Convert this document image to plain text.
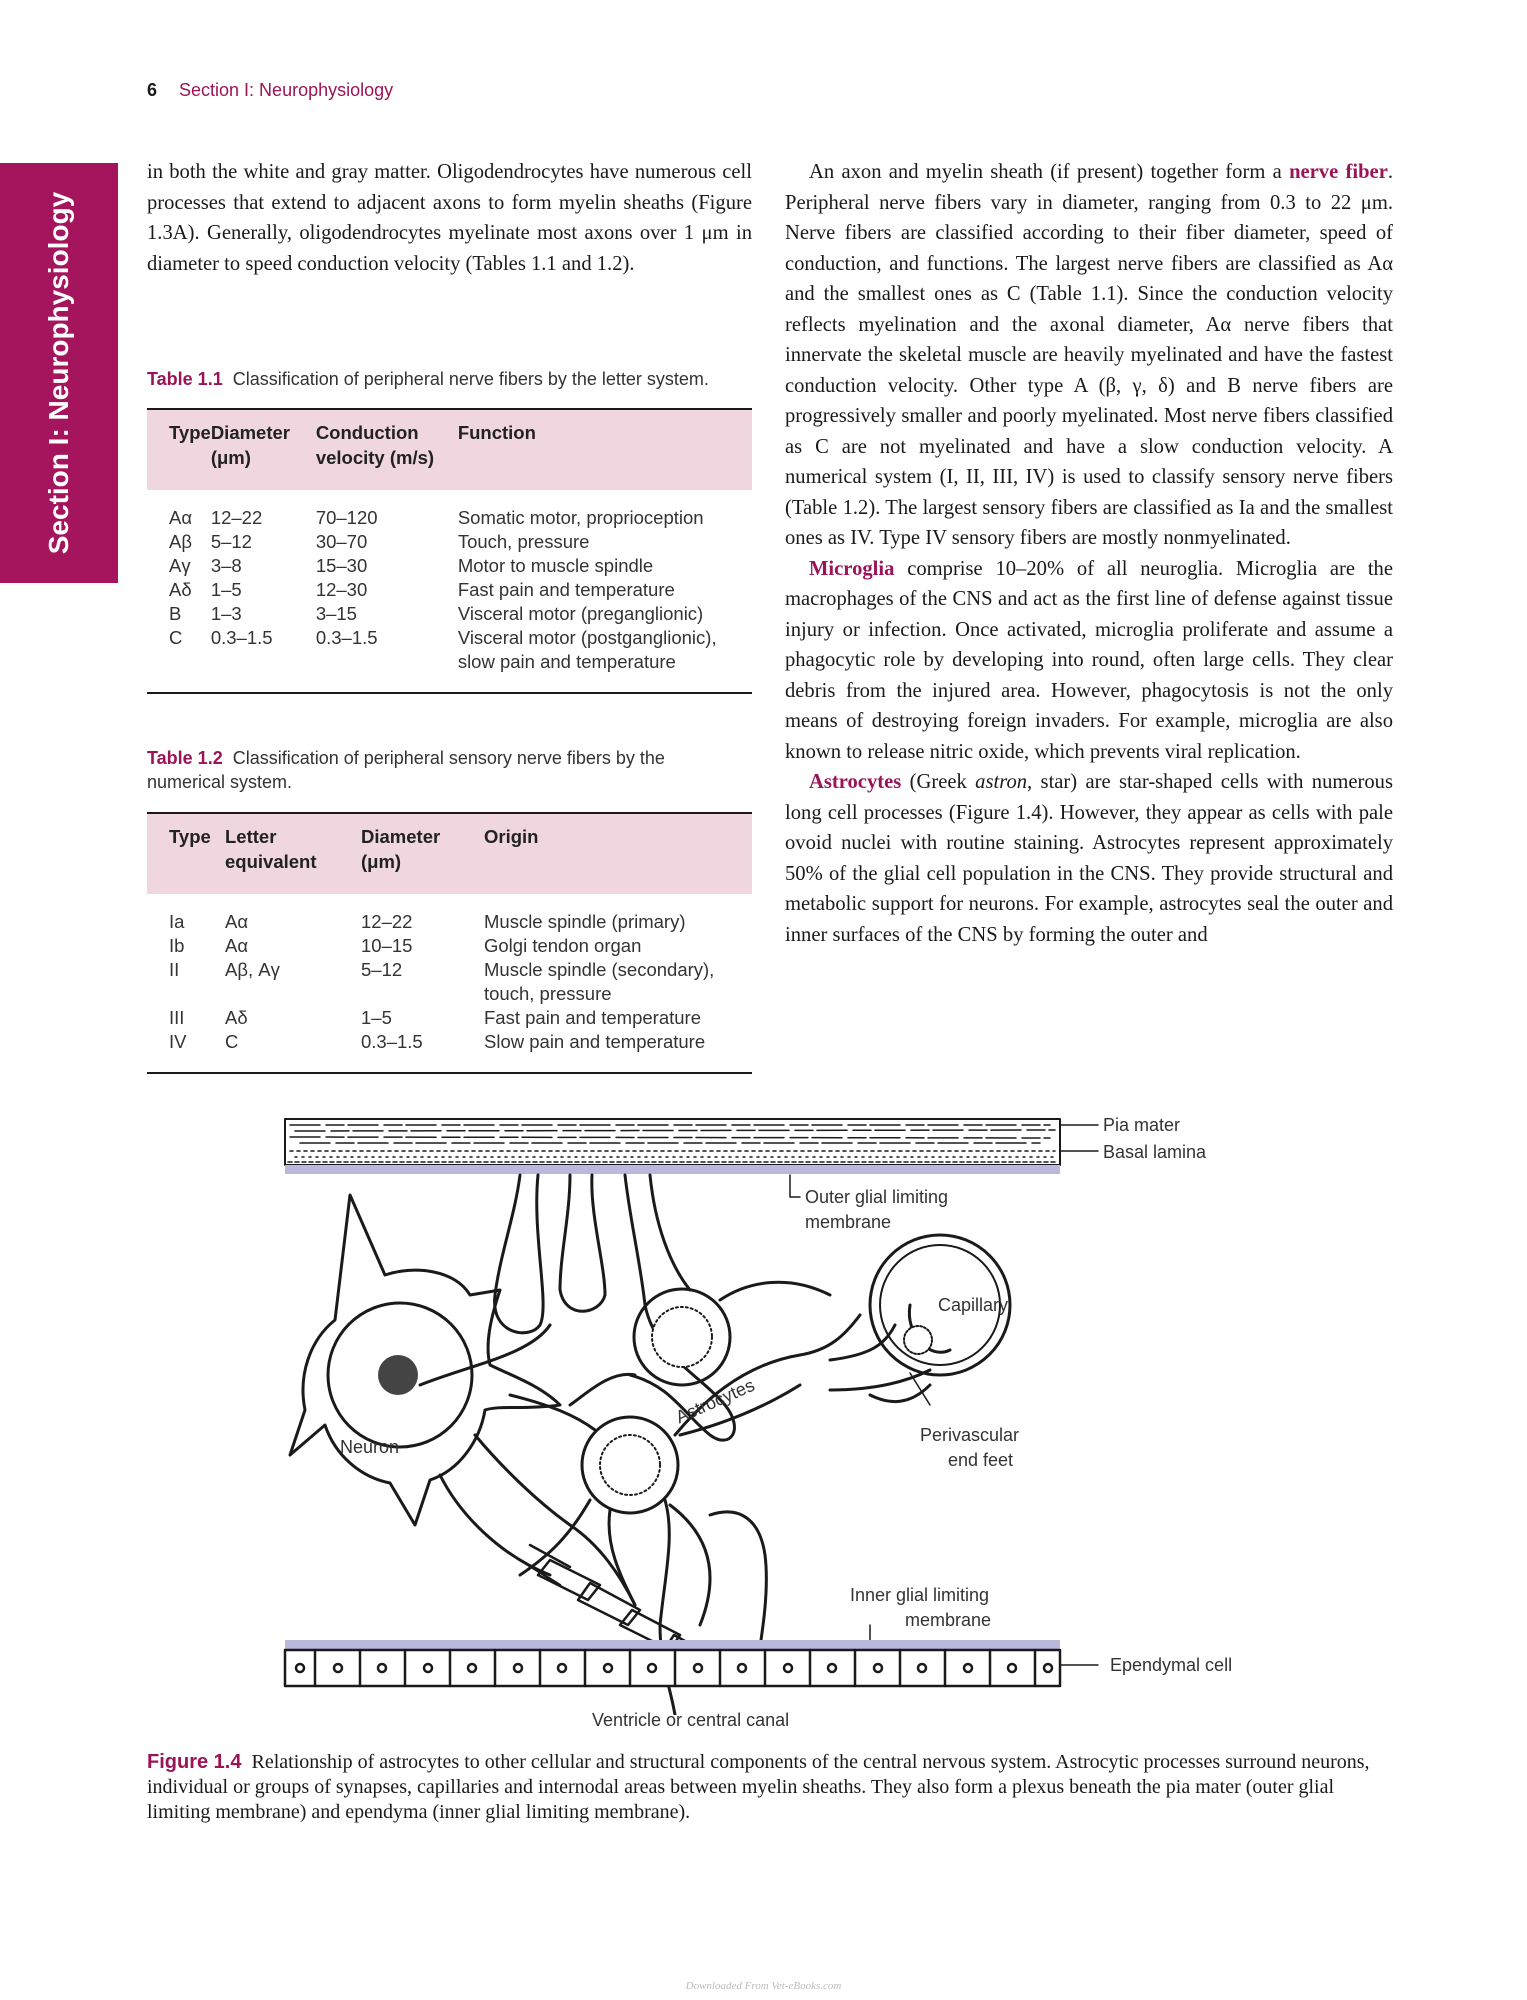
6 Section I: Neurophysiology
Section I: Neurophysiology

in both the white and gray matter. Oligodendrocytes have numerous cell processes that extend to adjacent axons to form myelin sheaths (Figure 1.3A). Generally, oligodendrocytes myelinate most axons over 1 μm in diameter to speed conduction velocity (Tables 1.1 and 1.2).

Table 1.1 Classification of peripheral nerve fibers by the letter system.
Type	Diameter (μm)	Conduction velocity (m/s)	Function
Aα	12–22	70–120	Somatic motor, proprioception
Aβ	5–12	30–70	Touch, pressure
Aγ	3–8	15–30	Motor to muscle spindle
Aδ	1–5	12–30	Fast pain and temperature
B	1–3	3–15	Visceral motor (preganglionic)
C	0.3–1.5	0.3–1.5	Visceral motor (postganglionic), slow pain and temperature
Table 1.2 Classification of peripheral sensory nerve fibers by the numerical system.
Type	Letter equivalent	Diameter (μm)	Origin
Ia	Aα	12–22	Muscle spindle (primary)
Ib	Aα	10–15	Golgi tendon organ
II	Aβ, Aγ	5–12	Muscle spindle (secondary), touch, pressure
III	Aδ	1–5	Fast pain and temperature
IV	C	0.3–1.5	Slow pain and temperature

An axon and myelin sheath (if present) together form a nerve fiber. Peripheral nerve fibers vary in diameter, ranging from 0.3 to 22 μm. Nerve fibers are classified according to their fiber diameter, speed of conduction, and functions. The largest nerve fibers are classified as Aα and the smallest ones as C (Table 1.1). Since the conduction velocity reflects myelination and the axonal diameter, Aα nerve fibers that innervate the skeletal muscle are heavily myelinated and have the fastest conduction velocity. Other type A (β, γ, δ) and B nerve fibers are progressively smaller and poorly myelinated. Most nerve fibers classified as C are not myelinated and have a slow conduction velocity. A numerical system (I, II, III, IV) is used to classify sensory nerve fibers (Table 1.2). The largest sensory fibers are classified as Ia and the smallest ones as IV. Type IV sensory fibers are mostly nonmyelinated.

Microglia comprise 10–20% of all neuroglia. Microglia are the macrophages of the CNS and act as the first line of defense against tissue injury or infection. Once activated, microglia proliferate and assume a phagocytic role by developing into round, often large cells. They clear debris from the injured area. However, phagocytosis is not the only means of destroying foreign invaders. For example, microglia are also known to release nitric oxide, which prevents viral replication.

Astrocytes (Greek astron, star) are star-shaped cells with numerous long cell processes (Figure 1.4). However, they appear as cells with pale ovoid nuclei with routine staining. Astrocytes represent approximately 50% of the glial cell population in the CNS. They provide structural and metabolic support for neurons. For example, astrocytes seal the outer and inner surfaces of the CNS by forming the outer and

Pia mater
Basal lamina
Outer glial limiting
membrane
Capillary
Astrocytes
Neuron
Perivascular
end feet
Inner glial limiting
membrane
Ependymal cell
Ventricle or central canal
Figure 1.4 Relationship of astrocytes to other cellular and structural components of the central nervous system. Astrocytic processes surround neurons, individual or groups of synapses, capillaries and internodal areas between myelin sheaths. They also form a plexus beneath the pia mater (outer glial limiting membrane) and ependyma (inner glial limiting membrane).
Downloaded From Vet-eBooks.com
